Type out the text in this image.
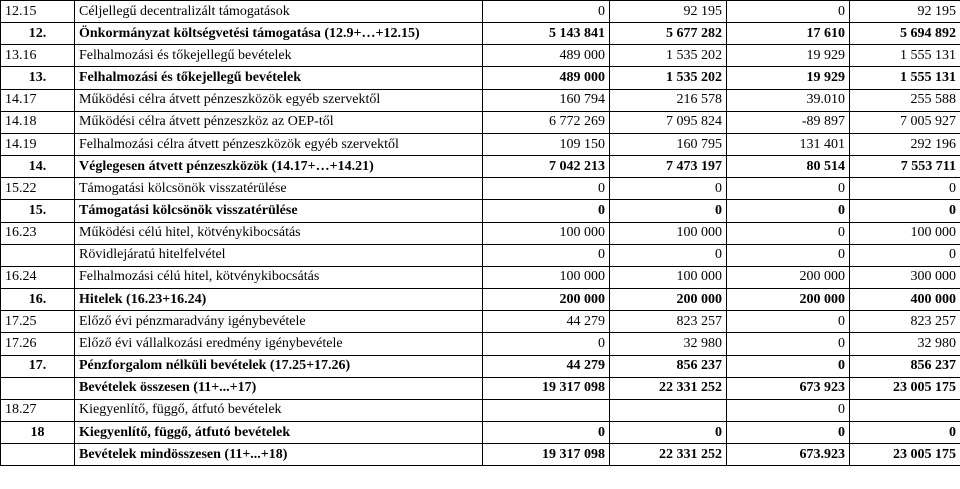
12.15	Céljellegű decentralizált támogatások	0	92 195	0	92 195
12.	Önkormányzat költségvetési támogatása (12.9+…+12.15)	5 143 841	5 677 282	17 610	5 694 892
13.16	Felhalmozási és tőkejellegű bevételek	489 000	1 535 202	19 929	1 555 131
13.	Felhalmozási és tőkejellegű bevételek	489 000	1 535 202	19 929	1 555 131
14.17	Működési célra átvett pénzeszközök egyéb szervektől	160 794	216 578	39.010	255 588
14.18	Működési célra átvett pénzeszköz az OEP-től	6 772 269	7 095 824	-89 897	7 005 927
14.19	Felhalmozási célra átvett pénzeszközök egyéb szervektől	109 150	160 795	131 401	292 196
14.	Véglegesen átvett pénzeszközök (14.17+…+14.21)	7 042 213	7 473 197	80 514	7 553 711
15.22	Támogatási kölcsönök visszatérülése	0	0	0	0
15.	Támogatási kölcsönök visszatérülése	0	0	0	0
16.23	Működési célú hitel, kötvénykibocsátás	100 000	100 000	0	100 000
	Rövidlejáratú hitelfelvétel	0	0	0	0
16.24	Felhalmozási célú hitel, kötvénykibocsátás	100 000	100 000	200 000	300 000
16.	Hitelek (16.23+16.24)	200 000	200 000	200 000	400 000
17.25	Előző évi pénzmaradvány igénybevétele	44 279	823 257	0	823 257
17.26	Előző évi vállalkozási eredmény igénybevétele	0	32 980	0	32 980
17.	Pénzforgalom nélküli bevételek (17.25+17.26)	44 279	856 237	0	856 237
	Bevételek összesen (11+...+17)	19 317 098	22 331 252	673 923	23 005 175
18.27	Kiegyenlítő, függő, átfutó bevételek			0	
18	Kiegyenlítő, függő, átfutó bevételek	0	0	0	0
	Bevételek mindösszesen (11+...+18)	19 317 098	22 331 252	673.923	23 005 175
